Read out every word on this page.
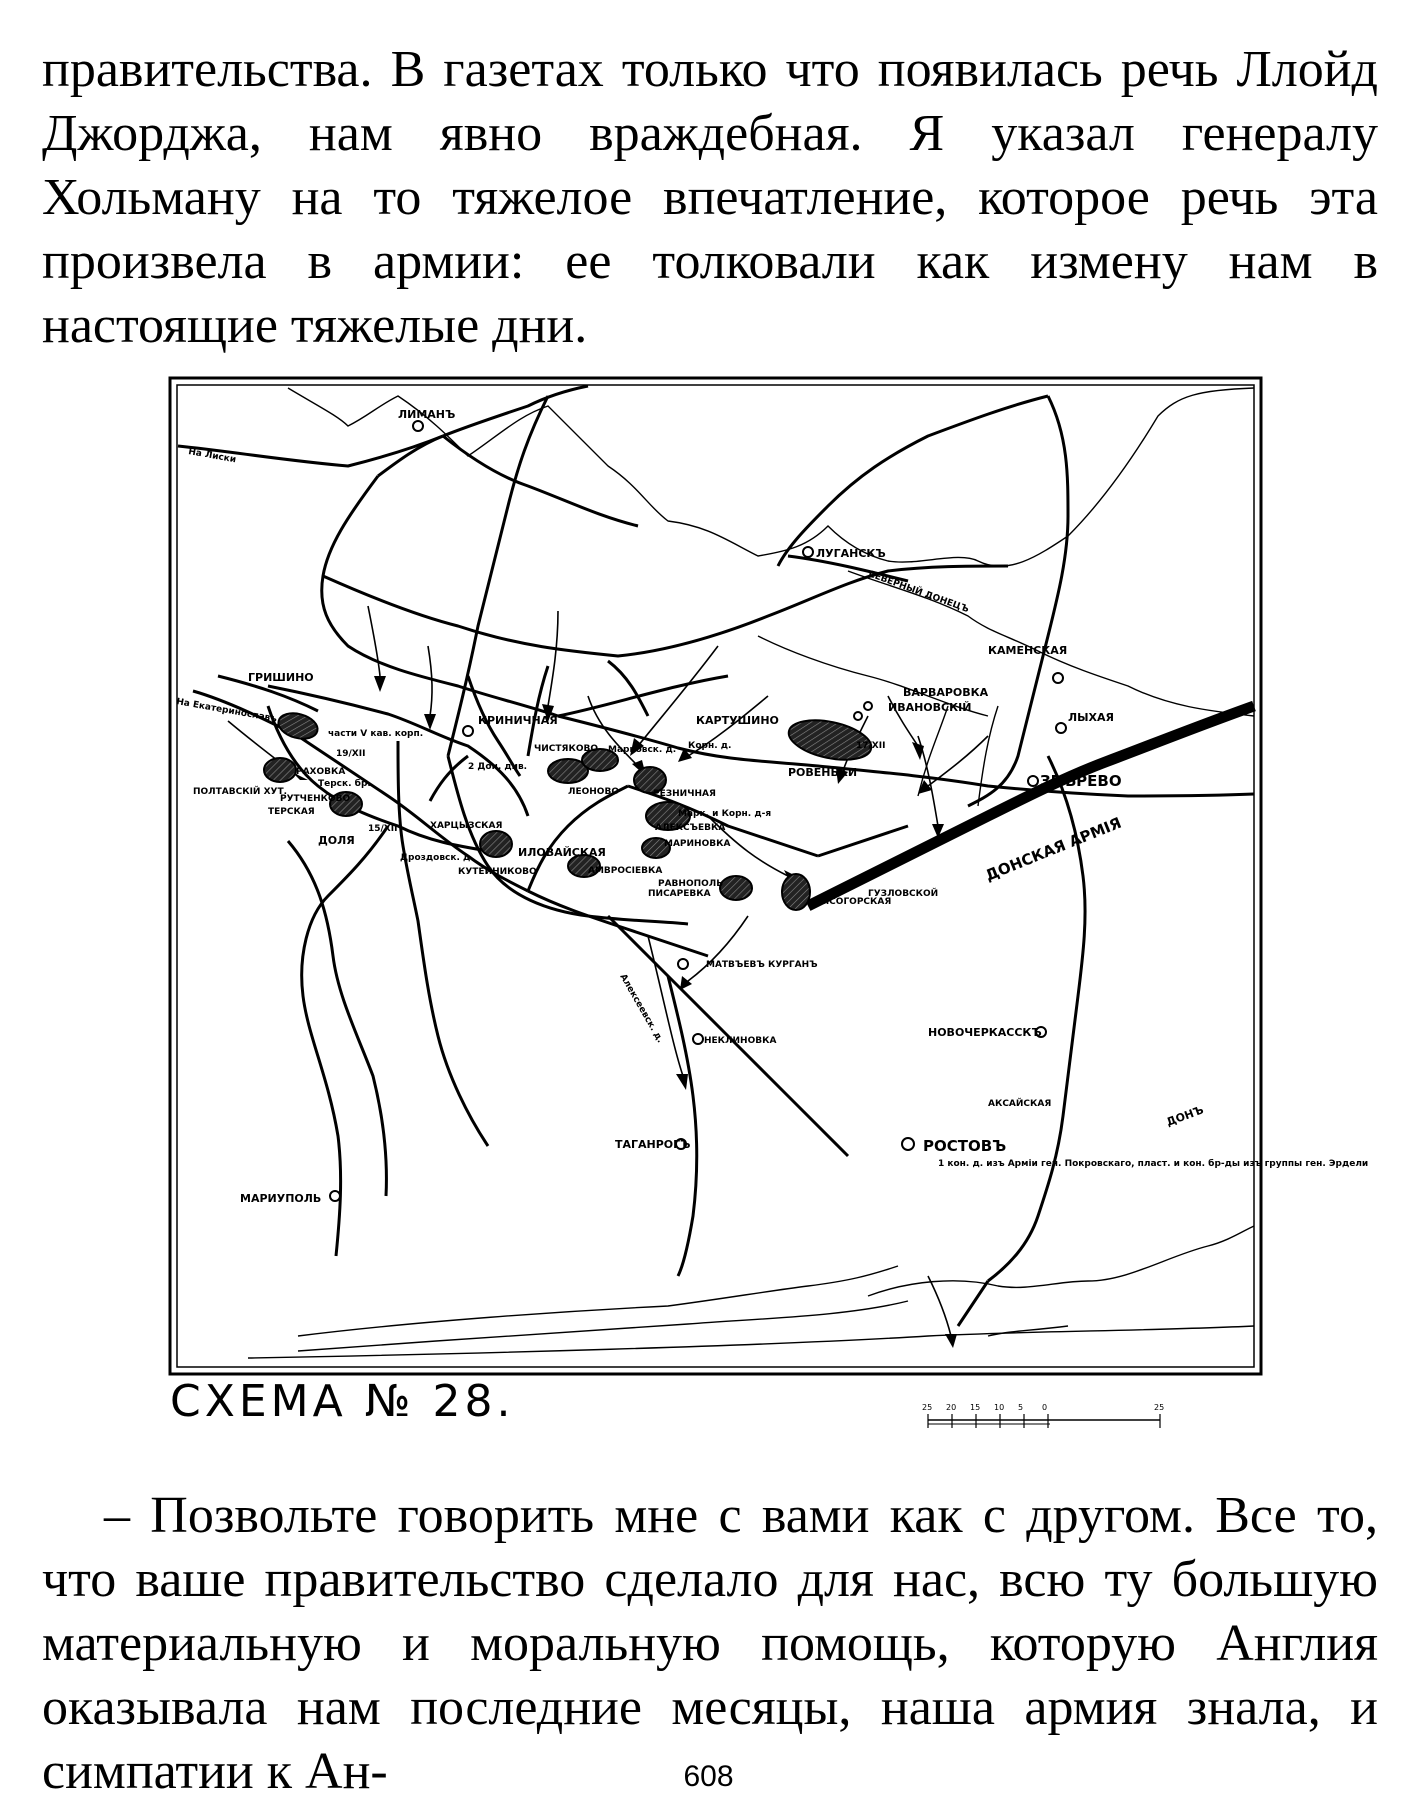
правительства. В газетах только что появилась речь Ллойд Джорджа, нам явно враждебная. Я указал генералу Хольману на то тяжелое впечатление, которое речь эта произвела в армии: ее толковали как измену нам в настоящие тяжелые дни.

ЛИМАНЪ
ЛУГАНСКЪ
КАМЕНСКАЯ
ГРИШИНО
ВАРВАРОВКА
ИВАНОВСКІЙ
ЛЫХАЯ
ЗВЪРЕВО
РОВЕНЬКИ
КРИНИЧНАЯ	КАРТУШИНО
ЧИСТЯКОВО
ХАРЦЫЗСКАЯ
РАХОВКА
ПОЛТАВСКІЙ ХУТ.
РУТЧЕНКОВО
ТЕРСКАЯ
ДОЛЯ
ИЛОВАЙСКАЯ
КУТЕЙНИКОВО	АМВРОСІЕВКА
ЛЕОНОВО	РЕЗНИЧНАЯ
АЛЕКСЪЕВКА
ПИСАРЕВКА
РАВНОПОЛЬ
МАРИНОВКА
ВЫСОГОРСКАЯ
ГУЗЛОВСКОЙ
МАТВЪЕВЪ КУРГАНЪ
НЕКЛИНОВКА
НОВОЧЕРКАССКЪ
АКСАЙСКАЯ
ТАГАНРОГЪ	РОСТОВЪ
МАРИУПОЛЬ
ДОНСКАЯ АРМІЯ
ДОНЪ
СЕВЕРНЫЙ ДОНЕЦЪ
На Лиски
На Екатеринославъ
части V кав. корп.
2 Дон. див.
Марк. и Корн. д-я
Марковск. д. Корн. д.
Терск. бр.
Дроздовск. д.
Алексеевск. д.
19/XII
17/XII
15/XII
1 кон. д. изъ Арміи ген. Покровскаго, пласт. и кон. бр-ды изъ группы ген. Эрдели
СХЕМА № 28.	25 20 15 10 5 0	25

– Позвольте говорить мне с вами как с другом. Все то, что ваше правительство сделало для нас, всю ту большую материальную и моральную помощь, которую Англия оказывала нам последние месяцы, наша армия знала, и симпатии к Ан-	608
